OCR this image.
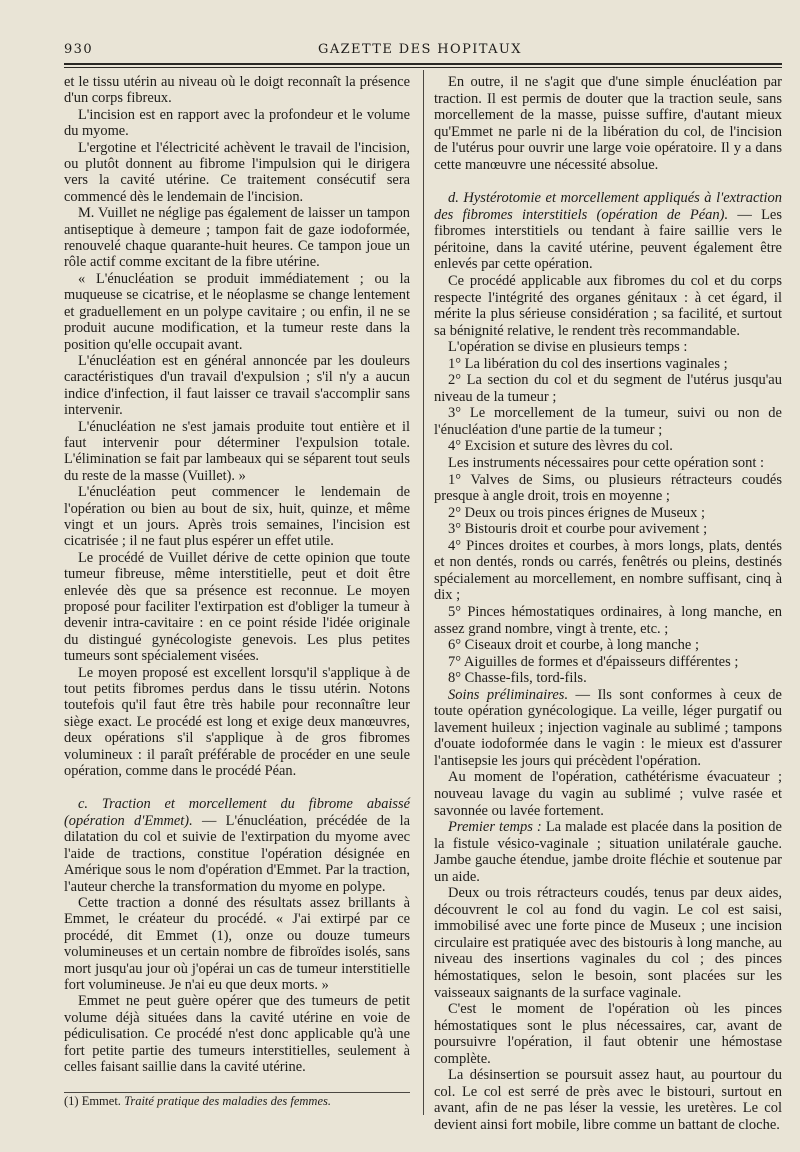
930	GAZETTE DES HOPITAUX

et le tissu utérin au niveau où le doigt reconnaît la présence d'un corps fibreux.

L'incision est en rapport avec la profondeur et le volume du myome.

L'ergotine et l'électricité achèvent le travail de l'incision, ou plutôt donnent au fibrome l'impulsion qui le dirigera vers la cavité utérine. Ce traitement consécutif sera commencé dès le lendemain de l'incision.

M. Vuillet ne néglige pas également de laisser un tampon antiseptique à demeure ; tampon fait de gaze iodoformée, renouvelé chaque quarante-huit heures. Ce tampon joue un rôle actif comme excitant de la fibre utérine.

« L'énucléation se produit immédiatement ; ou la muqueuse se cicatrise, et le néoplasme se change lentement et graduellement en un polype cavitaire ; ou enfin, il ne se produit aucune modification, et la tumeur reste dans la position qu'elle occupait avant.

L'énucléation est en général annoncée par les douleurs caractéristiques d'un travail d'expulsion ; s'il n'y a aucun indice d'infection, il faut laisser ce travail s'accomplir sans intervenir.

L'énucléation ne s'est jamais produite tout entière et il faut intervenir pour déterminer l'expulsion totale. L'élimination se fait par lambeaux qui se séparent tout seuls du reste de la masse (Vuillet). »

L'énucléation peut commencer le lendemain de l'opération ou bien au bout de six, huit, quinze, et même vingt et un jours. Après trois semaines, l'incision est cicatrisée ; il ne faut plus espérer un effet utile.

Le procédé de Vuillet dérive de cette opinion que toute tumeur fibreuse, même interstitielle, peut et doit être enlevée dès que sa présence est reconnue. Le moyen proposé pour faciliter l'extirpation est d'obliger la tumeur à devenir intra-cavitaire : en ce point réside l'idée originale du distingué gynécologiste genevois. Les plus petites tumeurs sont spécialement visées.

Le moyen proposé est excellent lorsqu'il s'applique à de tout petits fibromes perdus dans le tissu utérin. Notons toutefois qu'il faut être très habile pour reconnaître leur siège exact. Le procédé est long et exige deux manœuvres, deux opérations s'il s'applique à de gros fibromes volumineux : il paraît préférable de procéder en une seule opération, comme dans le procédé Péan.

c. Traction et morcellement du fibrome abaissé (opération d'Emmet). — L'énucléation, précédée de la dilatation du col et suivie de l'extirpation du myome avec l'aide de tractions, constitue l'opération désignée en Amérique sous le nom d'opération d'Emmet. Par la traction, l'auteur cherche la transformation du myome en polype.

Cette traction a donné des résultats assez brillants à Emmet, le créateur du procédé. « J'ai extirpé par ce procédé, dit Emmet (1), onze ou douze tumeurs volumineuses et un certain nombre de fibroïdes isolés, sans mort jusqu'au jour où j'opérai un cas de tumeur interstitielle fort volumineuse. Je n'ai eu que deux morts. »

Emmet ne peut guère opérer que des tumeurs de petit volume déjà situées dans la cavité utérine en voie de pédiculisation. Ce procédé n'est donc applicable qu'à une fort petite partie des tumeurs interstitielles, seulement à celles faisant saillie dans la cavité utérine.

(1) Emmet. Traité pratique des maladies des femmes.

En outre, il ne s'agit que d'une simple énucléation par traction. Il est permis de douter que la traction seule, sans morcellement de la masse, puisse suffire, d'autant mieux qu'Emmet ne parle ni de la libération du col, de l'incision de l'utérus pour ouvrir une large voie opératoire. Il y a dans cette manœuvre une nécessité absolue.

d. Hystérotomie et morcellement appliqués à l'extraction des fibromes interstitiels (opération de Péan). — Les fibromes interstitiels ou tendant à faire saillie vers le péritoine, dans la cavité utérine, peuvent également être enlevés par cette opération.

Ce procédé applicable aux fibromes du col et du corps respecte l'intégrité des organes génitaux : à cet égard, il mérite la plus sérieuse considération ; sa facilité, et surtout sa bénignité relative, le rendent très recommandable.

L'opération se divise en plusieurs temps :

1° La libération du col des insertions vaginales ;

2° La section du col et du segment de l'utérus jusqu'au niveau de la tumeur ;

3° Le morcellement de la tumeur, suivi ou non de l'énucléation d'une partie de la tumeur ;

4° Excision et suture des lèvres du col.

Les instruments nécessaires pour cette opération sont :

1° Valves de Sims, ou plusieurs rétracteurs coudés presque à angle droit, trois en moyenne ;

2° Deux ou trois pinces érignes de Museux ;

3° Bistouris droit et courbe pour avivement ;

4° Pinces droites et courbes, à mors longs, plats, dentés et non dentés, ronds ou carrés, fenêtrés ou pleins, destinés spécialement au morcellement, en nombre suffisant, cinq à dix ;

5° Pinces hémostatiques ordinaires, à long manche, en assez grand nombre, vingt à trente, etc. ;

6° Ciseaux droit et courbe, à long manche ;

7° Aiguilles de formes et d'épaisseurs différentes ;

8° Chasse-fils, tord-fils.

Soins préliminaires. — Ils sont conformes à ceux de toute opération gynécologique. La veille, léger purgatif ou lavement huileux ; injection vaginale au sublimé ; tampons d'ouate iodoformée dans le vagin : le mieux est d'assurer l'antisepsie les jours qui précèdent l'opération.

Au moment de l'opération, cathétérisme évacuateur ; nouveau lavage du vagin au sublimé ; vulve rasée et savonnée ou lavée fortement.

Premier temps : La malade est placée dans la position de la fistule vésico-vaginale ; situation unilatérale gauche. Jambe gauche étendue, jambe droite fléchie et soutenue par un aide.

Deux ou trois rétracteurs coudés, tenus par deux aides, découvrent le col au fond du vagin. Le col est saisi, immobilisé avec une forte pince de Museux ; une incision circulaire est pratiquée avec des bistouris à long manche, au niveau des insertions vaginales du col ; des pinces hémostatiques, selon le besoin, sont placées sur les vaisseaux saignants de la surface vaginale.

C'est le moment de l'opération où les pinces hémostatiques sont le plus nécessaires, car, avant de poursuivre l'opération, il faut obtenir une hémostase complète.

La désinsertion se poursuit assez haut, au pourtour du col. Le col est serré de près avec le bistouri, surtout en avant, afin de ne pas léser la vessie, les uretères. Le col devient ainsi fort mobile, libre comme un battant de cloche.
